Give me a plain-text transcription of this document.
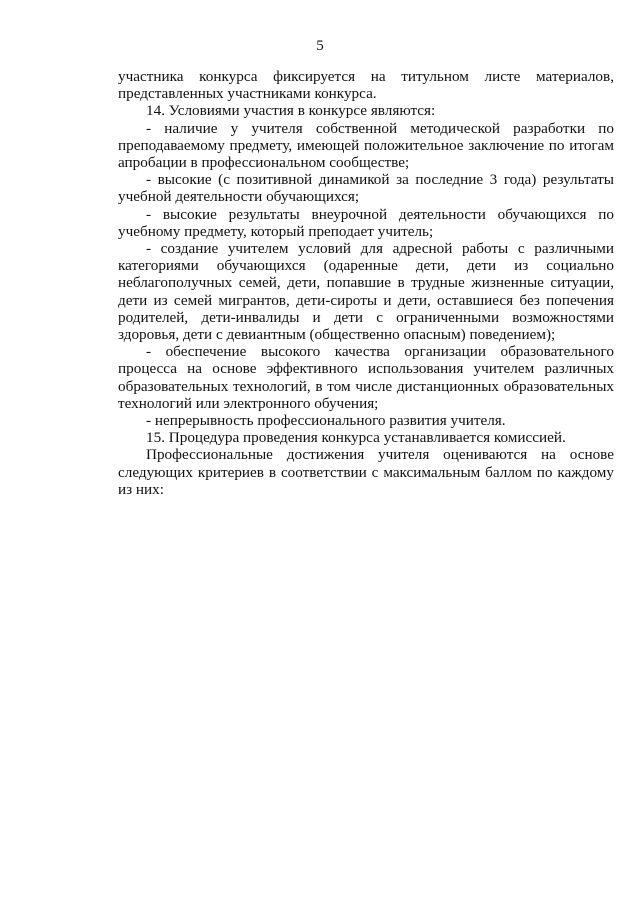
5

участника конкурса фиксируется на титульном листе материалов, представленных участниками конкурса.

14. Условиями участия в конкурсе являются:

- наличие у учителя собственной методической разработки по преподаваемому предмету, имеющей положительное заключение по итогам апробации в профессиональном сообществе;

- высокие (с позитивной динамикой за последние 3 года) результаты учебной деятельности обучающихся;

- высокие результаты внеурочной деятельности обучающихся по учебному предмету, который преподает учитель;

- создание учителем условий для адресной работы с различными категориями обучающихся (одаренные дети, дети из социально неблагополучных семей, дети, попавшие в трудные жизненные ситуации, дети из семей мигрантов, дети-сироты и дети, оставшиеся без попечения родителей, дети-инвалиды и дети с ограниченными возможностями здоровья, дети с девиантным (общественно опасным) поведением);

- обеспечение высокого качества организации образовательного процесса на основе эффективного использования учителем различных образовательных технологий, в том числе дистанционных образовательных технологий или электронного обучения;

- непрерывность профессионального развития учителя.

15. Процедура проведения конкурса устанавливается комиссией.

Профессиональные достижения учителя оцениваются на основе следующих критериев в соответствии с максимальным баллом по каждому из них:
